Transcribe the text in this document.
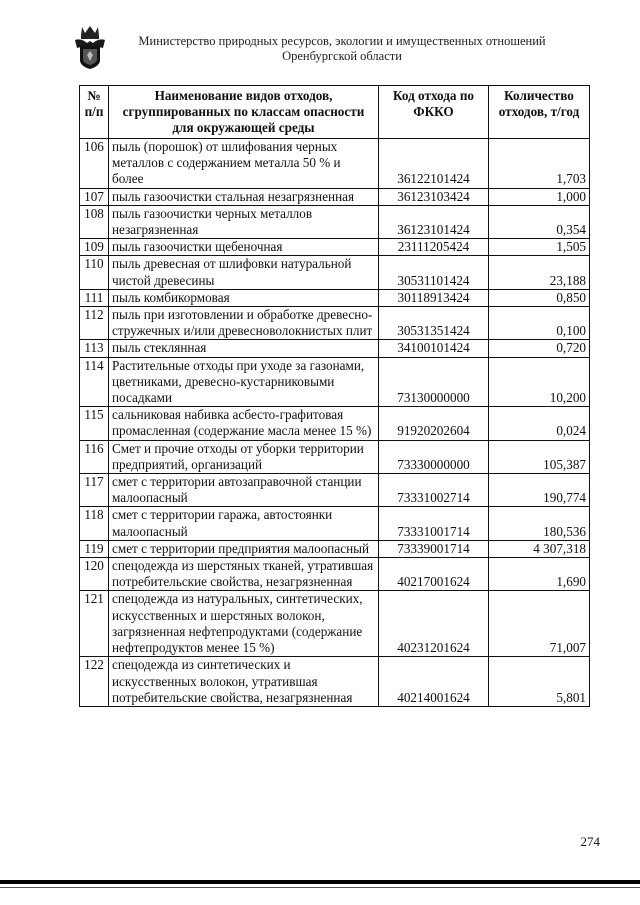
Министерство природных ресурсов, экологии и имущественных отношений
Оренбургской области
№ п/п	Наименование видов отходов, сгруппированных по классам опасности для окружающей среды	Код отхода по ФККО	Количество отходов, т/год
106	пыль (порошок) от шлифования черных металлов с содержанием металла 50 % и более	36122101424	1,703
107	пыль газоочистки стальная незагрязненная	36123103424	1,000
108	пыль газоочистки черных металлов незагрязненная	36123101424	0,354
109	пыль газоочистки щебеночная	23111205424	1,505
110	пыль древесная от шлифовки натуральной чистой древесины	30531101424	23,188
111	пыль комбикормовая	30118913424	0,850
112	пыль при изготовлении и обработке древесно-стружечных и/или древесноволокнистых плит	30531351424	0,100
113	пыль стеклянная	34100101424	0,720
114	Растительные отходы при уходе за газонами, цветниками, древесно-кустарниковыми посадками	73130000000	10,200
115	сальниковая набивка асбесто-графитовая промасленная (содержание масла менее 15 %)	91920202604	0,024
116	Смет и прочие отходы от уборки территории предприятий, организаций	73330000000	105,387
117	смет с территории автозаправочной станции малоопасный	73331002714	190,774
118	смет с территории гаража, автостоянки малоопасный	73331001714	180,536
119	смет с территории предприятия малоопасный	73339001714	4 307,318
120	спецодежда из шерстяных тканей, утратившая потребительские свойства, незагрязненная	40217001624	1,690
121	спецодежда из натуральных, синтетических, искусственных и шерстяных волокон, загрязненная нефтепродуктами (содержание нефтепродуктов менее 15 %)	40231201624	71,007
122	спецодежда из синтетических и искусственных волокон, утратившая потребительские свойства, незагрязненная	40214001624	5,801
274
